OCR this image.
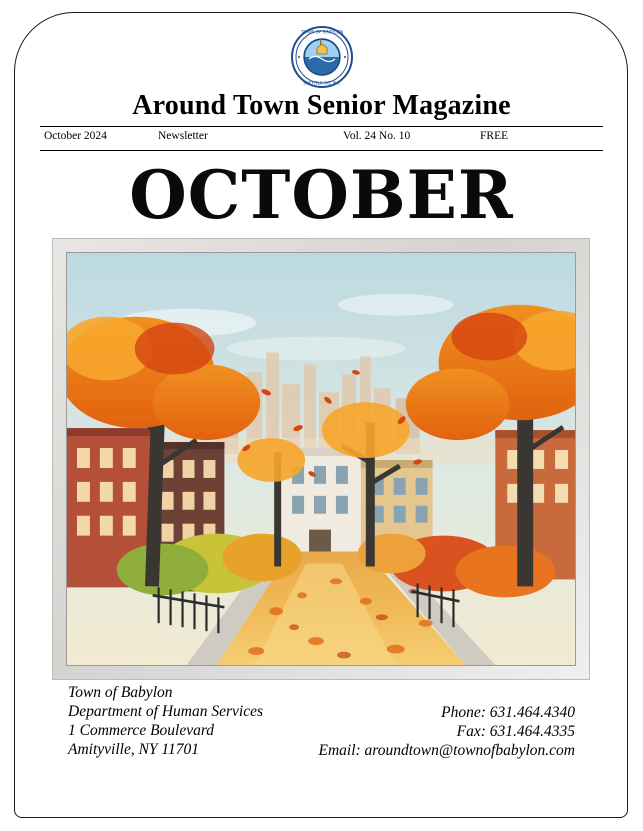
TOWN OF BABYLON
SUFFOLK CO. N.Y.
Around Town Senior Magazine
October 2024	Newsletter	Vol. 24 No. 10	FREE
OCTOBER
Town of Babylon
Department of Human Services
1 Commerce Boulevard
Amityville, NY 11701
Phone: 631.464.4340
Fax: 631.464.4335
Email: aroundtown@townofbabylon.com
